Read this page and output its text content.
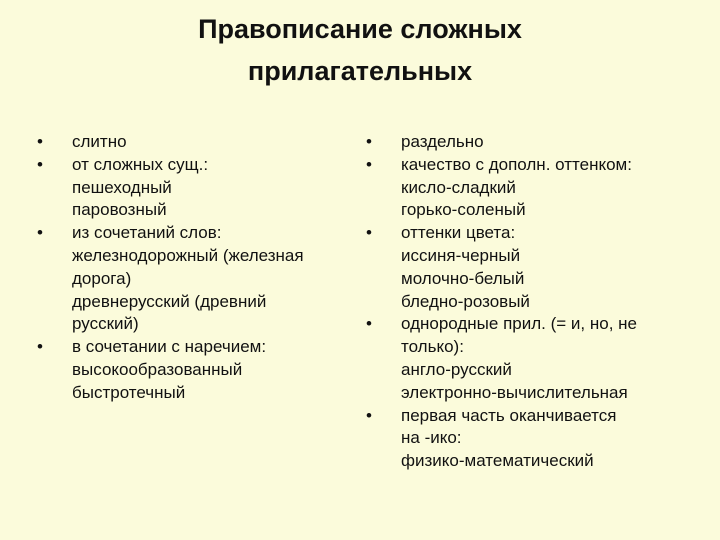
Правописание сложных
прилагательных
• слитно
• от сложных сущ.:
пешеходный
паровозный
• из сочетаний слов:
железнодорожный (железная
дорога)
древнерусский (древний
русский)
• в сочетании с наречием:
высокообразованный
быстротечный
• раздельно
• качество с дополн. оттенком:
кисло-сладкий
горько-соленый
• оттенки цвета:
иссиня-черный
молочно-белый
бледно-розовый
• однородные прил. (= и, но, не
только):
англо-русский
электронно-вычислительная
• первая часть оканчивается
на -ико:
физико-математический
